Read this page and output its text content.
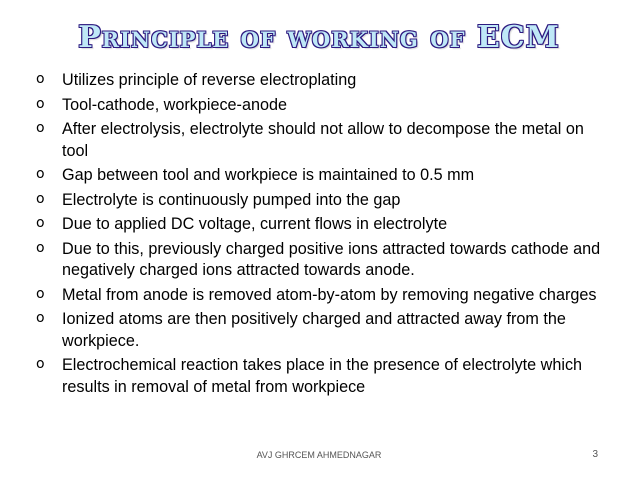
Principle of working of ECM
o Utilizes principle of reverse electroplating
o Tool-cathode, workpiece-anode
o After electrolysis, electrolyte should not allow to decompose the metal on tool
o Gap between tool and workpiece is maintained to 0.5 mm
o Electrolyte is continuously pumped into the gap
o Due to applied DC voltage, current flows in electrolyte
o Due to this, previously charged positive ions attracted towards cathode and negatively charged ions attracted towards anode.
o Metal from anode is removed atom-by-atom by removing negative charges
o Ionized atoms are then positively charged and attracted away from the workpiece.
o Electrochemical reaction takes place in the presence of electrolyte which results in removal of metal from workpiece
AVJ GHRCEM AHMEDNAGAR	3
